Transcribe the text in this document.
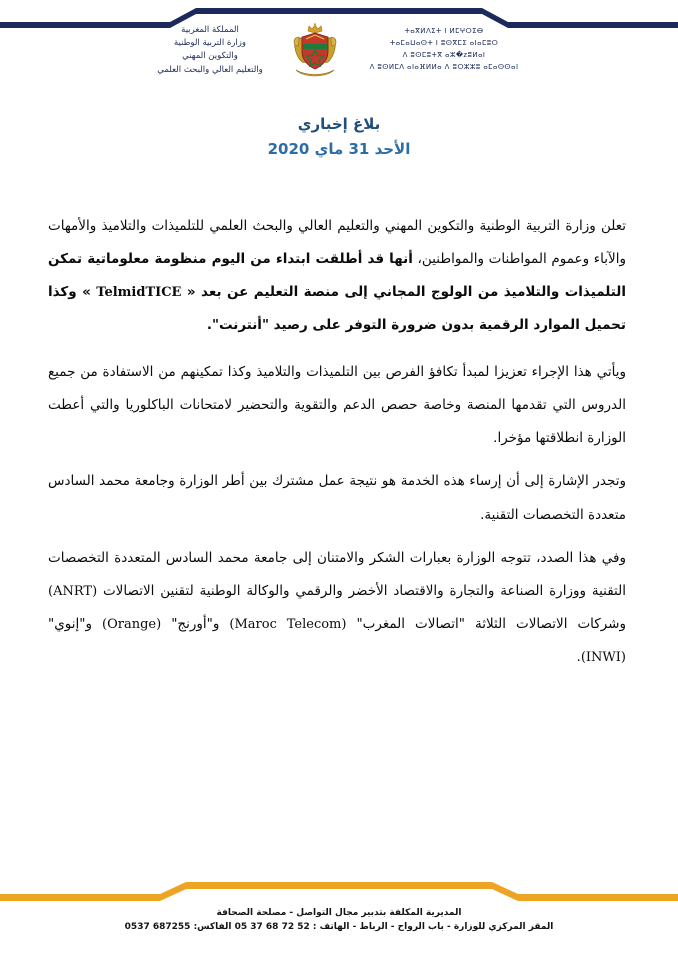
المملكة المغربية
وزارة التربية الوطنية
والتكوين المهني
والتعليم العالي والبحث العلمي
ⵜⴰⴳⵍⴷⵉⵜ ⵏ ⵍⵎⵖⵔⵉⴱ
ⵜⴰⵎⴰⵡⴰⵙⵜ ⵏ ⵓⵙⴳⵎⵉ ⴰⵏⴰⵎⵓⵔ
ⴷ ⵓⵙⵎⵓⵜⴳ ⴰⵣ�zⵓⵍⴰⵏ
ⴷ ⵓⵙⵍⵎⴷ ⴰⵏⴰⴼⵍⵍⴰ ⴷ ⵓⵔⵣⵣⵓ ⴰⵎⴰⵙⵙⴰⵏ
بلاغ إخباري
الأحد 31 ماي 2020

تعلن وزارة التربية الوطنية والتكوين المهني والتعليم العالي والبحث العلمي للتلميذات والتلاميذ والأمهات والآباء وعموم المواطنات والمواطنين، أنها قد أطلقت ابتداء من اليوم منظومة معلوماتية تمكن التلميذات والتلاميذ من الولوج المجاني إلى منصة التعليم عن بعد « TelmidTICE » وكذا تحميل الموارد الرقمية بدون ضرورة التوفر على رصيد "أنترنت".

ويأتي هذا الإجراء تعزيزا لمبدأ تكافؤ الفرص بين التلميذات والتلاميذ وكذا تمكينهم من الاستفادة من جميع الدروس التي تقدمها المنصة وخاصة حصص الدعم والتقوية والتحضير لامتحانات الباكلوريا والتي أعطت الوزارة انطلاقتها مؤخرا.

وتجدر الإشارة إلى أن إرساء هذه الخدمة هو نتيجة عمل مشترك بين أطر الوزارة وجامعة محمد السادس متعددة التخصصات التقنية.

وفي هذا الصدد، تتوجه الوزارة بعبارات الشكر والامتنان إلى جامعة محمد السادس المتعددة التخصصات التقنية ووزارة الصناعة والتجارة والاقتصاد الأخضر والرقمي والوكالة الوطنية لتقنين الاتصالات (ANRT) وشركات الاتصالات الثلاثة "اتصالات المغرب" (Maroc Telecom) و"أورنج" (Orange) و"إنوي" (INWI).

المديرية المكلفة بتدبير مجال التواصل - مصلحة الصحافة
المقر المركزي للوزارة - باب الرواح - الرباط - الهاتف : 05 37 68 72 52 الفاكس: 0537 687255
